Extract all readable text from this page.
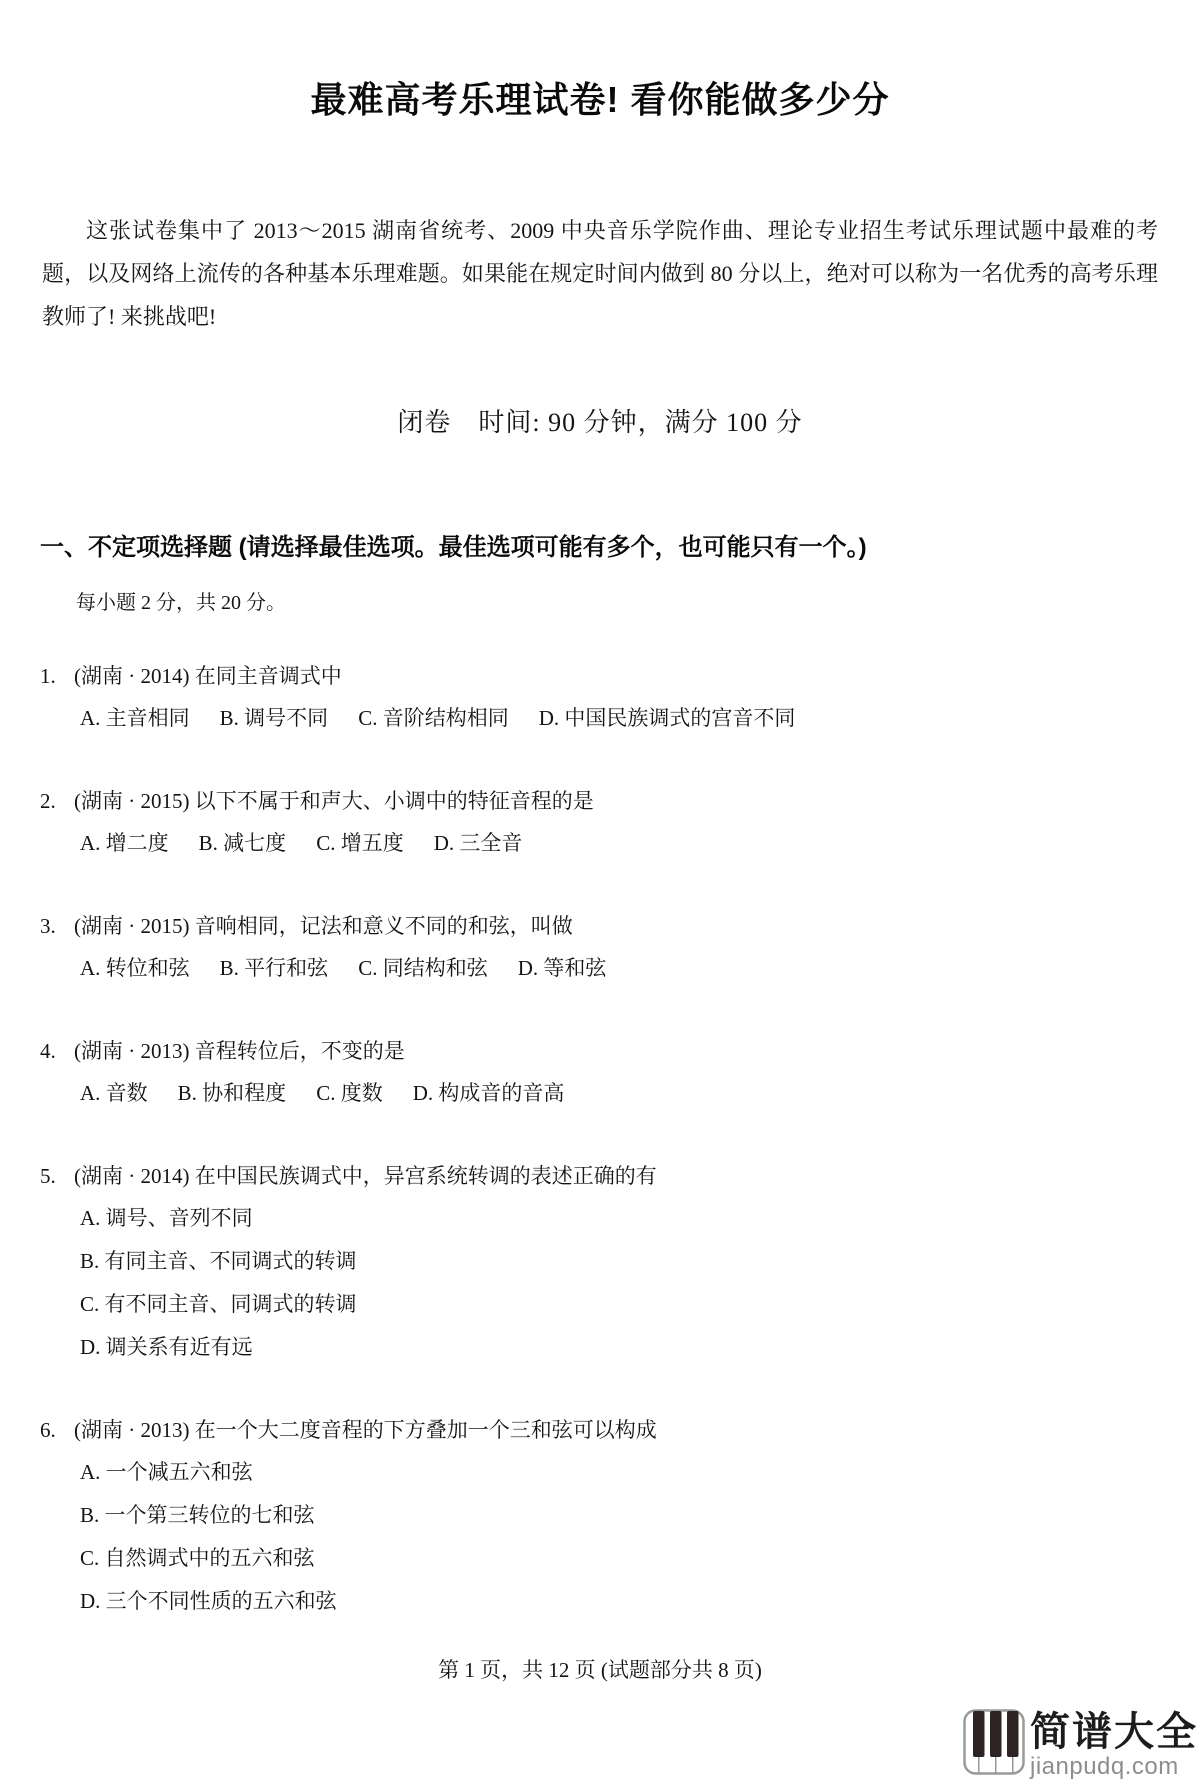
最难高考乐理试卷! 看你能做多少分

这张试卷集中了 2013～2015 湖南省统考、2009 中央音乐学院作曲、理论专业招生考试乐理试题中最难的考题，以及网络上流传的各种基本乐理难题。如果能在规定时间内做到 80 分以上，绝对可以称为一名优秀的高考乐理教师了! 来挑战吧!

闭卷　时间: 90 分钟，满分 100 分
一、不定项选择题 (请选择最佳选项。最佳选项可能有多个，也可能只有一个。)
每小题 2 分，共 20 分。
1. (湖南 · 2014) 在同主音调式中
A. 主音相同 B. 调号不同 C. 音阶结构相同 D. 中国民族调式的宫音不同
2. (湖南 · 2015) 以下不属于和声大、小调中的特征音程的是
A. 增二度 B. 减七度 C. 增五度 D. 三全音
3. (湖南 · 2015) 音响相同，记法和意义不同的和弦，叫做
A. 转位和弦 B. 平行和弦 C. 同结构和弦 D. 等和弦
4. (湖南 · 2013) 音程转位后，不变的是
A. 音数 B. 协和程度 C. 度数 D. 构成音的音高
5. (湖南 · 2014) 在中国民族调式中，异宫系统转调的表述正确的有
A. 调号、音列不同
B. 有同主音、不同调式的转调
C. 有不同主音、同调式的转调
D. 调关系有近有远
6. (湖南 · 2013) 在一个大二度音程的下方叠加一个三和弦可以构成
A. 一个减五六和弦
B. 一个第三转位的七和弦
C. 自然调式中的五六和弦
D. 三个不同性质的五六和弦
第 1 页，共 12 页 (试题部分共 8 页)
简谱大全
jianpudq.com
